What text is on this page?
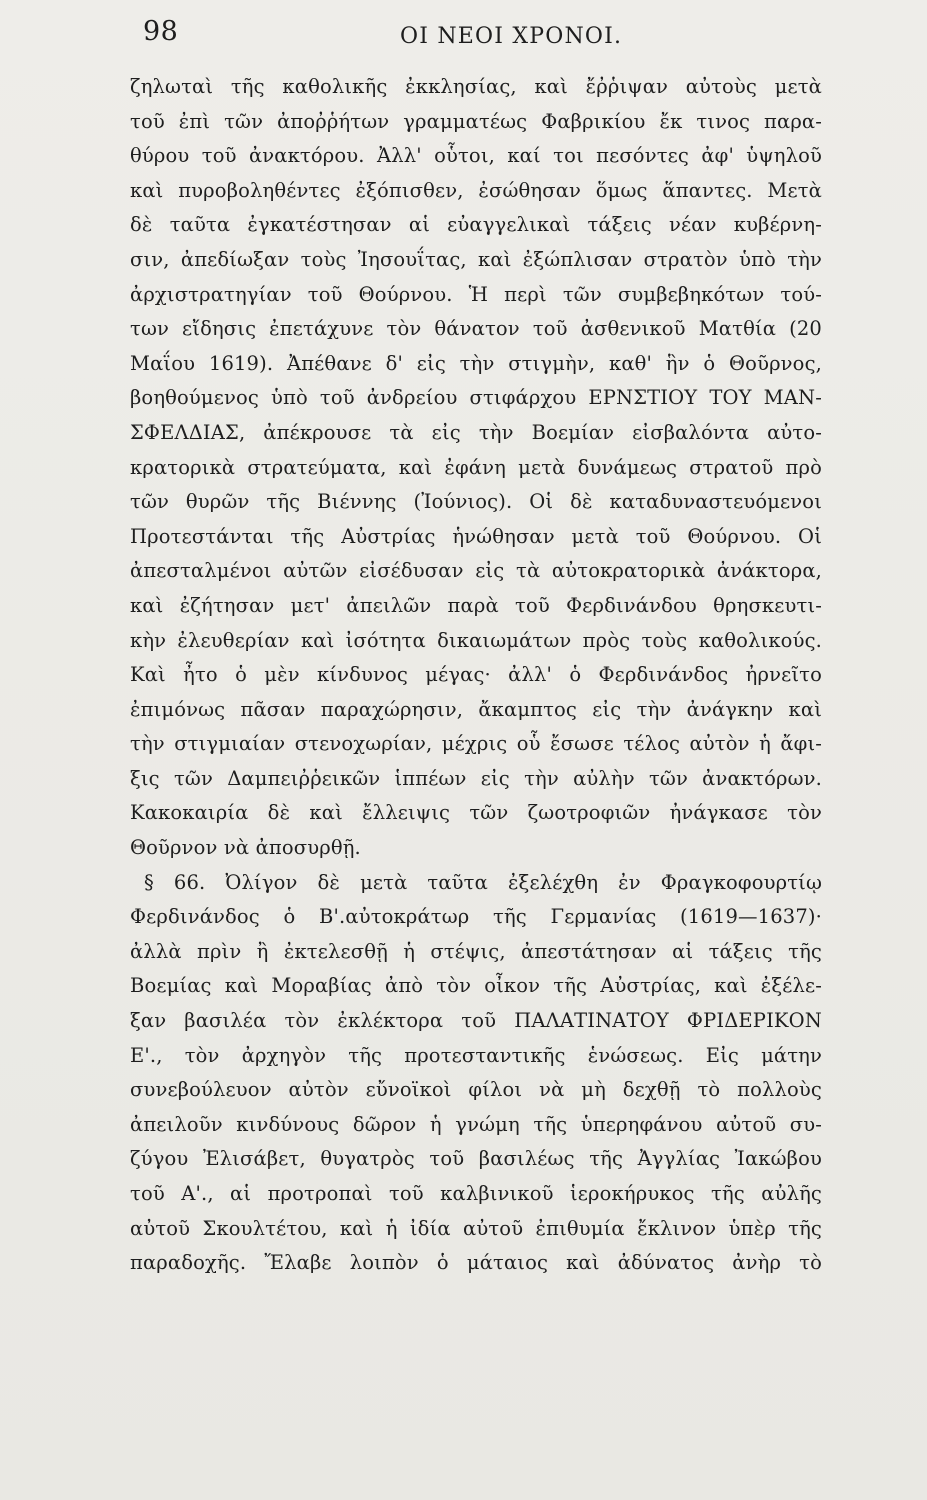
98	ΟΙ ΝΕΟΙ ΧΡΟΝΟΙ.
ζηλωταὶ τῆς καθολικῆς ἐκκλησίας, καὶ ἔῤῥιψαν αὐτοὺς μετὰ
τοῦ ἐπὶ τῶν ἀποῤῥήτων γραμματέως Φαβρικίου ἔκ τινος παρα-
θύρου τοῦ ἀνακτόρου. Ἀλλ' οὗτοι, καί τοι πεσόντες ἀφ' ὑψηλοῦ
καὶ πυροβοληθέντες ἐξόπισθεν, ἐσώθησαν ὅμως ἅπαντες. Μετὰ
δὲ ταῦτα ἐγκατέστησαν αἱ εὐαγγελικαὶ τάξεις νέαν κυβέρνη-
σιν, ἀπεδίωξαν τοὺς Ἰησουΐτας, καὶ ἐξώπλισαν στρατὸν ὑπὸ τὴν
ἀρχιστρατηγίαν τοῦ Θούρνου. Ἡ περὶ τῶν συμβεβηκότων τού-
των εἴδησις ἐπετάχυνε τὸν θάνατον τοῦ ἀσθενικοῦ Ματθία (20
Μαΐου 1619). Ἀπέθανε δ' εἰς τὴν στιγμὴν, καθ' ἣν ὁ Θοῦρνος,
βοηθούμενος ὑπὸ τοῦ ἀνδρείου στιφάρχου ΕΡΝΣΤΙΟΥ ΤΟΥ ΜΑΝ-
ΣΦΕΛΔΙΑΣ, ἀπέκρουσε τὰ εἰς τὴν Βοεμίαν εἰσβαλόντα αὐτο-
κρατορικὰ στρατεύματα, καὶ ἐφάνη μετὰ δυνάμεως στρατοῦ πρὸ
τῶν θυρῶν τῆς Βιέννης (Ἰούνιος). Οἱ δὲ καταδυναστευόμενοι
Προτεστάνται τῆς Αὐστρίας ἡνώθησαν μετὰ τοῦ Θούρνου. Οἱ
ἀπεσταλμένοι αὐτῶν εἰσέδυσαν εἰς τὰ αὐτοκρατορικὰ ἀνάκτορα,
καὶ ἐζήτησαν μετ' ἀπειλῶν παρὰ τοῦ Φερδινάνδου θρησκευτι-
κὴν ἐλευθερίαν καὶ ἰσότητα δικαιωμάτων πρὸς τοὺς καθολικούς.
Καὶ ἦτο ὁ μὲν κίνδυνος μέγας· ἀλλ' ὁ Φερδινάνδος ἠρνεῖτο
ἐπιμόνως πᾶσαν παραχώρησιν, ἄκαμπτος εἰς τὴν ἀνάγκην καὶ
τὴν στιγμιαίαν στενοχωρίαν, μέχρις οὗ ἔσωσε τέλος αὐτὸν ἡ ἄφι-
ξις τῶν Δαμπειῤῥεικῶν ἱππέων εἰς τὴν αὐλὴν τῶν ἀνακτόρων.
Κακοκαιρία δὲ καὶ ἔλλειψις τῶν ζωοτροφιῶν ἠνάγκασε τὸν
Θοῦρνον νὰ ἀποσυρθῇ.
§ 66. Ὀλίγον δὲ μετὰ ταῦτα ἐξελέχθη ἐν Φραγκοφουρτίῳ
Φερδινάνδος ὁ Β'.αὐτοκράτωρ τῆς Γερμανίας (1619—1637)·
ἀλλὰ πρὶν ἢ ἐκτελεσθῇ ἡ στέψις, ἀπεστάτησαν αἱ τάξεις τῆς
Βοεμίας καὶ Μοραβίας ἀπὸ τὸν οἶκον τῆς Αὐστρίας, καὶ ἐξέλε-
ξαν βασιλέα τὸν ἐκλέκτορα τοῦ ΠΑΛΑΤΙΝΑΤΟΥ ΦΡΙΔΕΡΙΚΟΝ
Ε'., τὸν ἀρχηγὸν τῆς προτεσταντικῆς ἑνώσεως. Εἰς μάτην
συνεβούλευον αὐτὸν εὔνοϊκοὶ φίλοι νὰ μὴ δεχθῇ τὸ πολλοὺς
ἀπειλοῦν κινδύνους δῶρον ἡ γνώμη τῆς ὑπερηφάνου αὐτοῦ συ-
ζύγου Ἐλισάβετ, θυγατρὸς τοῦ βασιλέως τῆς Ἀγγλίας Ἰακώβου
τοῦ Α'., αἱ προτροπαὶ τοῦ καλβινικοῦ ἱεροκήρυκος τῆς αὐλῆς
αὐτοῦ Σκουλτέτου, καὶ ἡ ἰδία αὐτοῦ ἐπιθυμία ἔκλινον ὑπὲρ τῆς
παραδοχῆς. Ἔλαβε λοιπὸν ὁ μάταιος καὶ ἀδύνατος ἀνὴρ τὸ
